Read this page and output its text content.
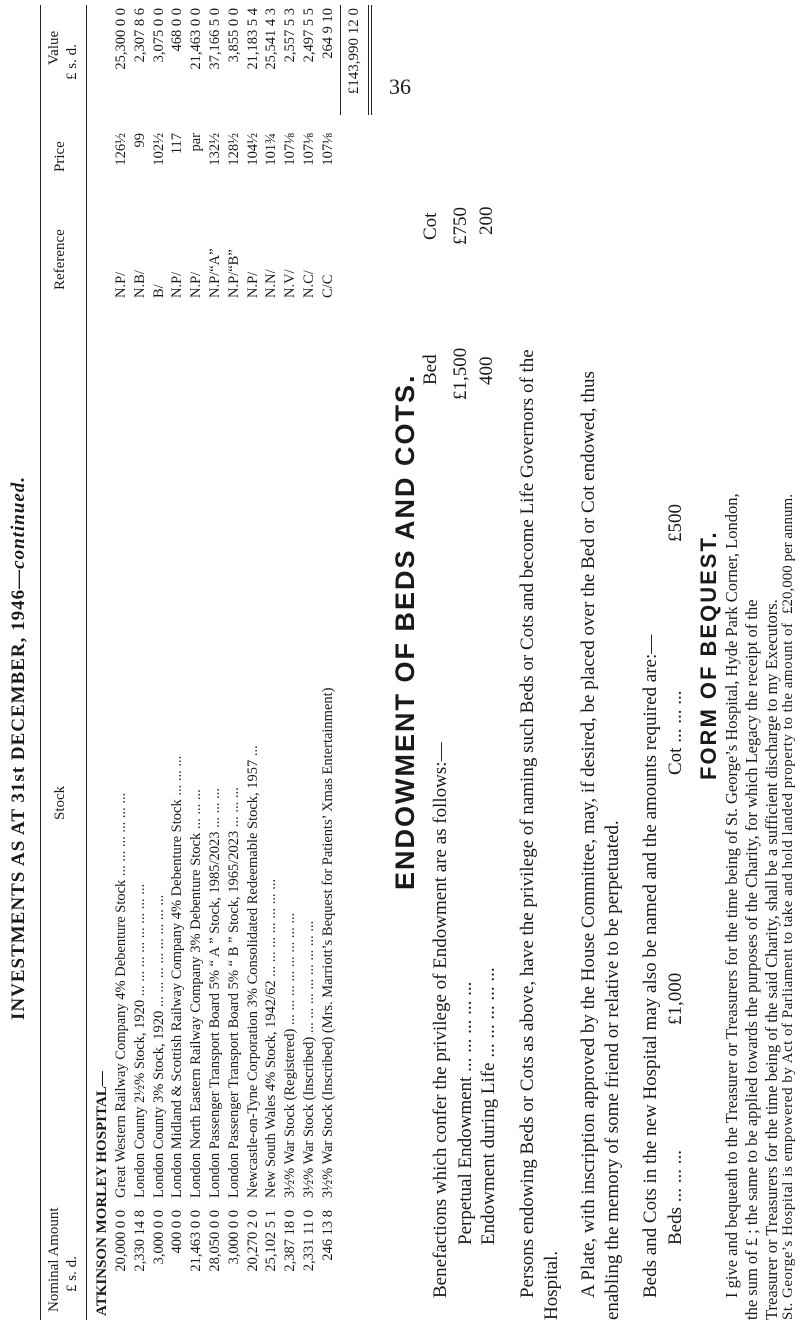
36
INVESTMENTS AS AT 31st DECEMBER, 1946—continued.
Nominal Amount £ s. d.
Stock
Reference
Price
Value £ s. d.
ATKINSON MORLEY HOSPITAL— 20,000 0 0 2,330 14 8 3,000 0 0 400 0 0 21,463 0 0 28,050 0 0 3,000 0 0 20,270 2 0 25,102 5 1 2,387 18 0 2,331 11 0 246 13 8
Great Western Railway Company 4% Debenture Stock ... ... ... ... ... ... London County 2½% Stock, 1920 ... ... ... ... ... ... ... ... London County 3% Stock, 1920 ... ... ... ... ... ... ... ... London Midland & Scottish Railway Company 4% Debenture Stock ... ... ... London North Eastern Railway Company 3% Debenture Stock ... ... ... London Passenger Transport Board 5% “ A ” Stock, 1985/2023 ... ... ... London Passenger Transport Board 5% “ B ” Stock, 1965/2023 ... ... ... Newcastle-on-Tyne Corporation 3% Consolidated Redeemable Stock, 1957 ... New South Wales 4% Stock, 1942/62 ... ... ... ... ... ... ... 3½% War Stock (Registered) ... ... ... ... ... ... ... ... 3½% War Stock (Inscribed) ... ... ... ... ... ... ... ... 3½% War Stock (Inscribed) (Mrs. Marriott’s Bequest for Patients’ Xmas Entertainment)
N.P/ N.B/ B/ N.P/ N.P/ N.P/“A” N.P/“B” N.P/ N.N/ N.V/ N.C/ C/C
126½ 99 102½ 117 par 132½ 128½ 104½ 101¾ 107⅛ 107⅛ 107⅛
25,300 0 0 2,307 8 6 3,075 0 0 468 0 0 21,463 0 0 37,166 5 0 3,855 0 0 21,183 5 4 25,541 4 3 2,557 5 3 2,497 5 5 264 9 10 £143,990 12 0
ENDOWMENT OF BEDS AND COTS.
Benefactions which confer the privilege of Endowment are as follows:—
Bed
Cot
Perpetual Endowment ... ... ... ... ...
£1,500
£750
Endowment during Life ... ... ... ... ...
400
200
Persons endowing Beds or Cots as above, have the privilege of naming such Beds or Cots and become Life Governors of the Hospital. A Plate, with inscription approved by the House Committee, may, if desired, be placed over the Bed or Cot endowed, thus enabling the memory of some friend or relative to be perpetuated. Beds and Cots in the new Hospital may also be named and the amounts required are:— Beds ... ... ...
£1,000
Cot ... ... ...
£500
FORM OF BEQUEST. I give and bequeath to the Treasurer or Treasurers for the time being of St. George’s Hospital, Hyde Park Corner, London, the sum of £ ; the same to be applied towards the purposes of the Charity, for which Legacy the receipt of the Treasurer or Treasurers for the time being of the said Charity, shall be a sufficient discharge to my Executors. St. George’s Hospital is empowered by Act of Parliament to take and hold landed property to the amount of
£20,000 per annum.
